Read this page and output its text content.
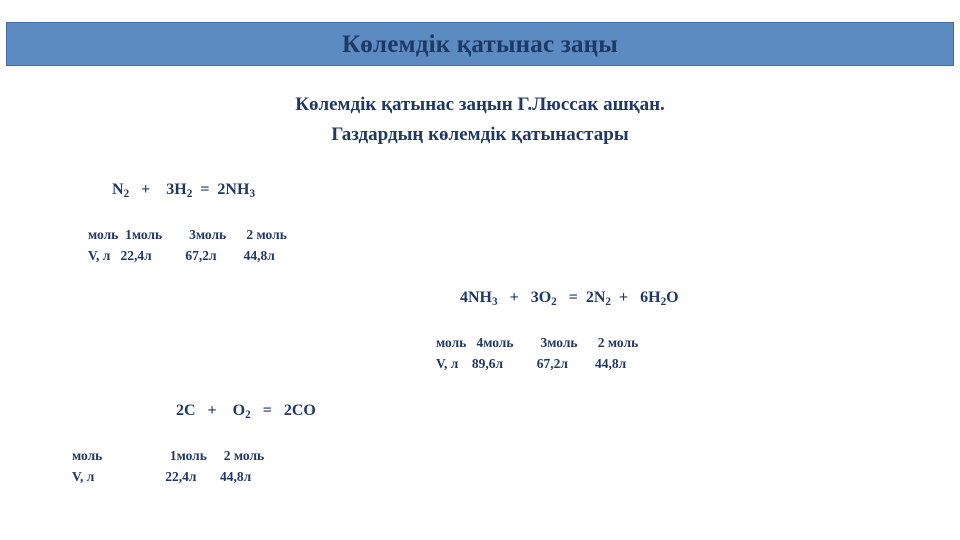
Көлемдік қатынас заңы
Көлемдік қатынас заңын Г.Люссак ашқан.
Газдардың көлемдік қатынастары

$N_2$   +    $3H_2 = 2NH_3$

моль  1моль        3моль      2 моль
V, л   22,4л          67,2л        44,8л

$4NH_3 + 3O_2 = 2N_2 + 6H_2O$

моль   4моль        3моль      2 моль
V, л    89,6л          67,2л        44,8л

2C   +    $O_2 = 2CO$

моль                    1моль     2 моль
V, л                     22,4л       44,8л
